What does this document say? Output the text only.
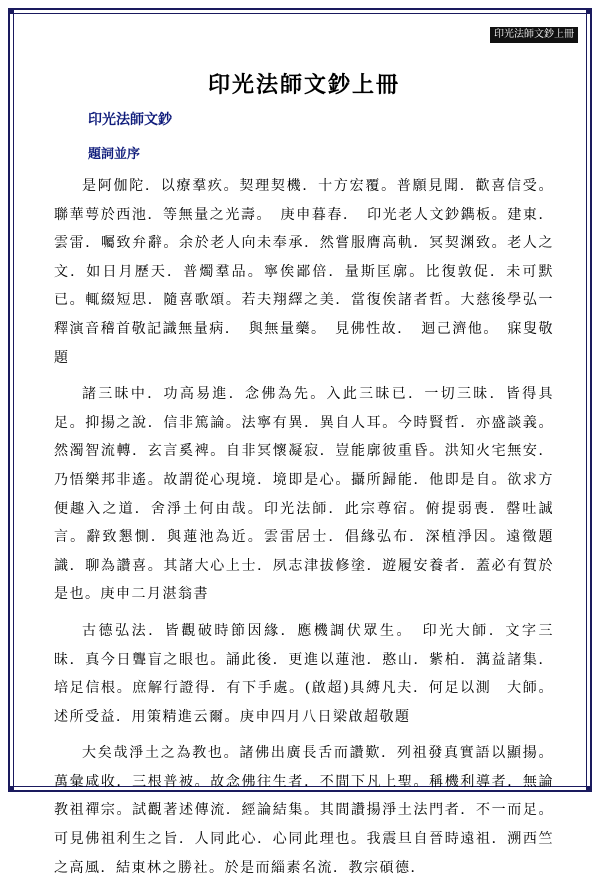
印光法師文鈔上冊
印光法師文鈔上冊
印光法師文鈔
題詞並序

是阿伽陀．以療羣疚。契理契機．十方宏覆。普願見聞．歡喜信受。聯華萼於西池．等無量之光壽。　庚申暮春．　印光老人文鈔鐫板。建東．雲雷．囑致弁辭。余於老人向未奉承．然嘗服膺高軌．冥契渊致。老人之文．如日月歷天．普燭羣品。寧俟鄙倍．量斯匡廓。比復敦促．未可默已。輒綴短思．隨喜歌頌。若夫翔繹之美．當復俟諸者哲。大慈後學弘一釋演音稽首敬記識無量病．　與無量藥。　見佛性故．　迴己濟他。　寐叟敬題

諸三昧中．功高易進．念佛為先。入此三昧已．一切三昧．皆得具足。抑揚之說．信非篤論。法寧有異．異自人耳。今時賢哲．亦盛談義。然濁智流轉．玄言奚裨。自非冥懷凝寂．豈能廓彼重昏。洪知火宅無安．乃悟樂邦非遙。故謂從心現境．境即是心。攝所歸能．他即是自。欲求方便趣入之道．舍淨土何由哉。印光法師．此宗尊宿。俯提弱喪．罄吐誠言。辭致懇惻．與蓮池為近。雲雷居士．倡緣弘布．深植淨因。遠徵題識．聊為讚喜。其諸大心上士．夙志津拔修塗．遊履安養者．蓋必有賀於是也。庚申二月湛翁書

古德弘法．皆觀破時節因緣．應機調伏眾生。　印光大師．文字三昧．真今日聾盲之眼也。誦此後．更進以蓮池．憨山．紫柏．蕅益諸集．培足信根。庶解行證得．有下手處。(啟超)具縛凡夫．何足以測　大師。述所受益．用策精進云爾。庚申四月八日梁啟超敬題

大矣哉淨土之為教也。諸佛出廣長舌而讚歎．列祖發真實語以顯揚。萬彙咸收．三根普被。故念佛往生者．不間下凡上聖。稱機利導者．無論教祖禪宗。試觀著述傳流．經論結集。其間讚揚淨土法門者．不一而足。可見佛祖利生之旨．人同此心．心同此理也。我震旦自晉時遠祖．溯西竺之高風．結東林之勝社。於是而緇素名流．教宗碩德．
